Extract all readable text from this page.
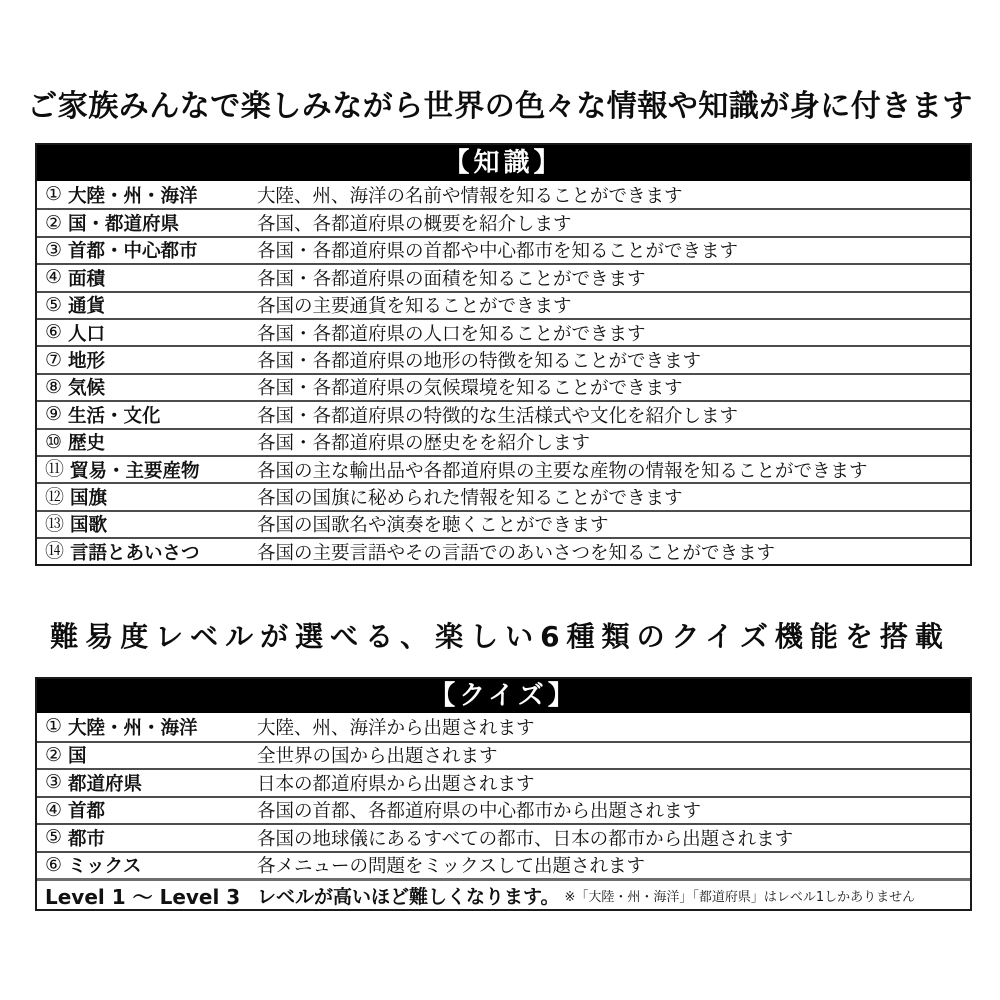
ご家族みんなで楽しみながら世界の色々な情報や知識が身に付きます
【知識】
① 大陸・州・海洋	大陸、州、海洋の名前や情報を知ることができます
② 国・都道府県	各国、各都道府県の概要を紹介します
③ 首都・中心都市	各国・各都道府県の首都や中心都市を知ることができます
④ 面積	各国・各都道府県の面積を知ることができます
⑤ 通貨	各国の主要通貨を知ることができます
⑥ 人口	各国・各都道府県の人口を知ることができます
⑦ 地形	各国・各都道府県の地形の特徴を知ることができます
⑧ 気候	各国・各都道府県の気候環境を知ることができます
⑨ 生活・文化	各国・各都道府県の特徴的な生活様式や文化を紹介します
⑩ 歴史	各国・各都道府県の歴史をを紹介します
⑪ 貿易・主要産物	各国の主な輸出品や各都道府県の主要な産物の情報を知ることができます
⑫ 国旗	各国の国旗に秘められた情報を知ることができます
⑬ 国歌	各国の国歌名や演奏を聴くことができます
⑭ 言語とあいさつ	各国の主要言語やその言語でのあいさつを知ることができます
難易度レベルが選べる、楽しい6種類のクイズ機能を搭載
【クイズ】
① 大陸・州・海洋	大陸、州、海洋から出題されます
② 国	全世界の国から出題されます
③ 都道府県	日本の都道府県から出題されます
④ 首都	各国の首都、各都道府県の中心都市から出題されます
⑤ 都市	各国の地球儀にあるすべての都市、日本の都市から出題されます
⑥ ミックス	各メニューの問題をミックスして出題されます
Level 1 ～ Level 3 レベルが高いほど難しくなります。 ※「大陸・州・海洋」「都道府県」はレベル1しかありません
